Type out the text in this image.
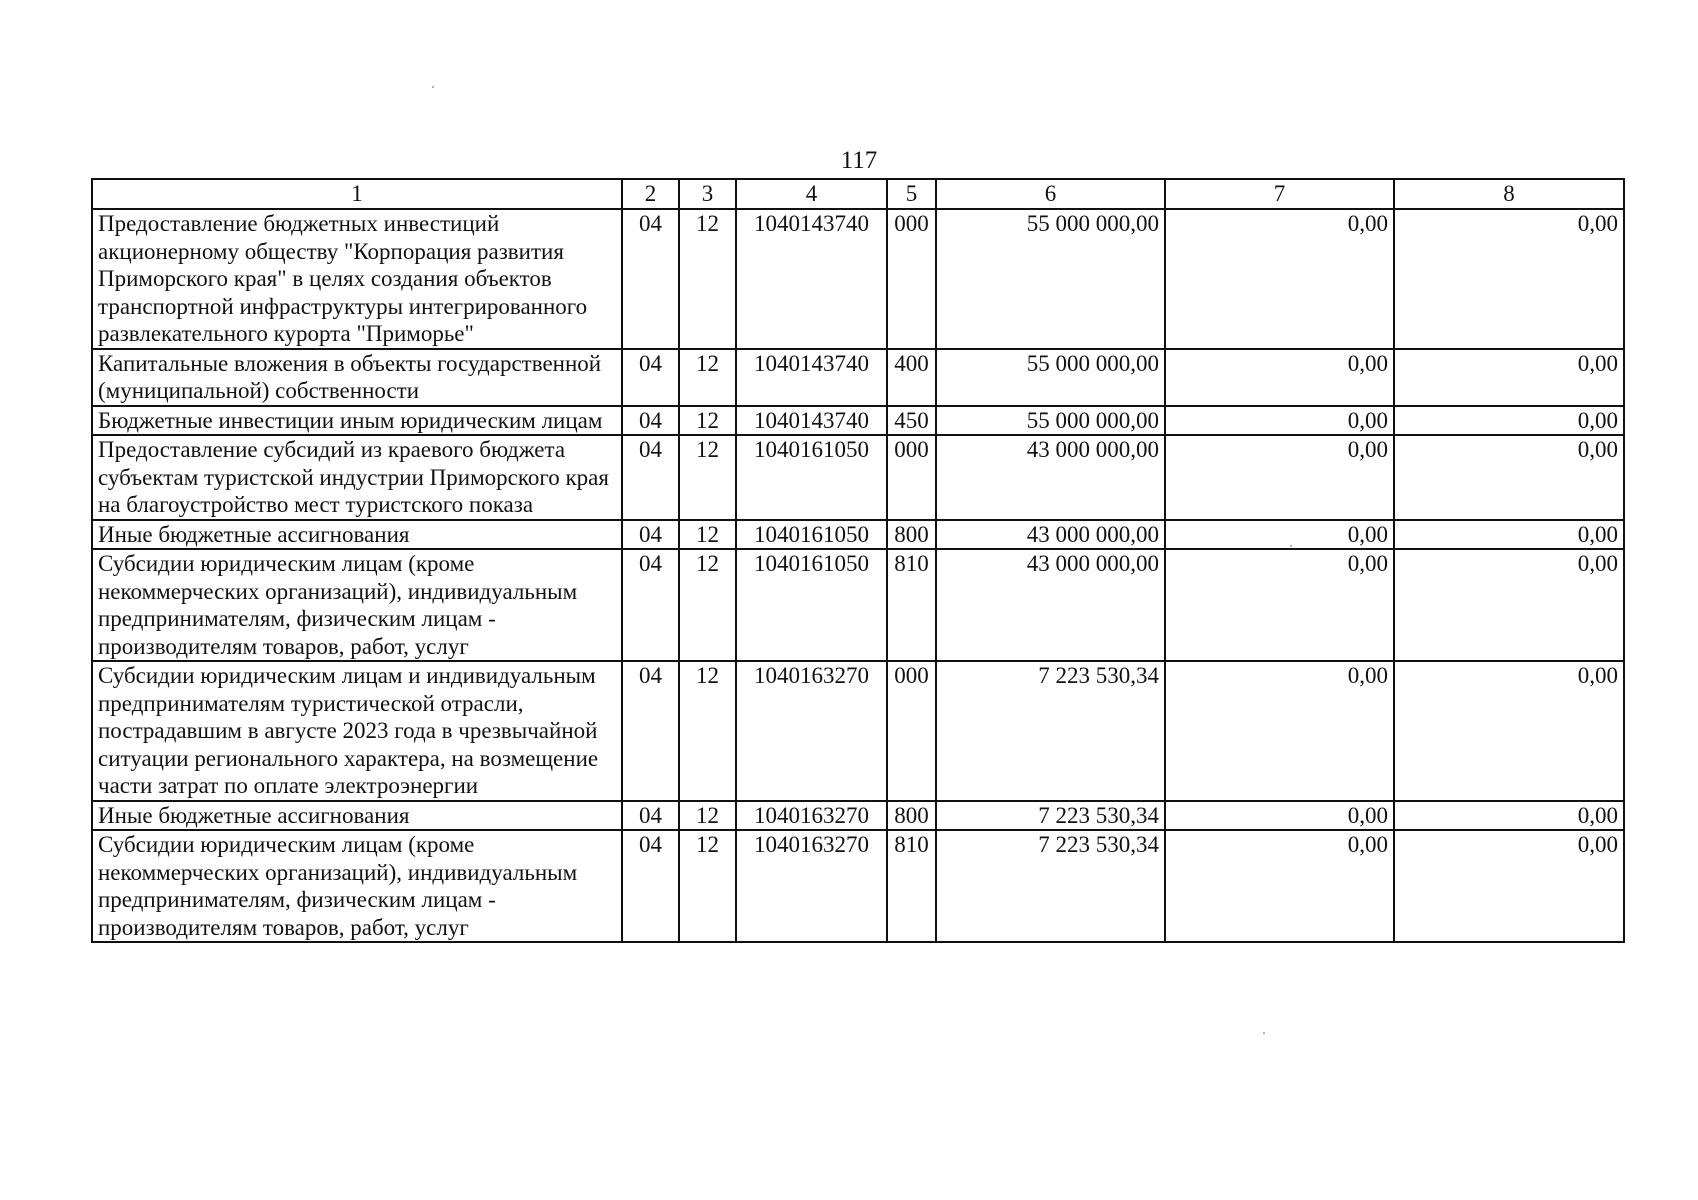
117
1	2	3	4	5	6	7	8
Предоставление бюджетных инвестиций акционерному обществу "Корпорация развития Приморского края" в целях создания объектов транспортной инфраструктуры интегрированного развлекательного курорта "Приморье"	04	12	1040143740	000	55 000 000,00	0,00	0,00
Капитальные вложения в объекты государственной (муниципальной) собственности	04	12	1040143740	400	55 000 000,00	0,00	0,00
Бюджетные инвестиции иным юридическим лицам	04	12	1040143740	450	55 000 000,00	0,00	0,00
Предоставление субсидий из краевого бюджета субъектам туристской индустрии Приморского края на благоустройство мест туристского показа	04	12	1040161050	000	43 000 000,00	0,00	0,00
Иные бюджетные ассигнования	04	12	1040161050	800	43 000 000,00	0,00	0,00
Субсидии юридическим лицам (кроме некоммерческих организаций), индивидуальным предпринимателям, физическим лицам - производителям товаров, работ, услуг	04	12	1040161050	810	43 000 000,00	0,00	0,00
Субсидии юридическим лицам и индивидуальным предпринимателям туристической отрасли, пострадавшим в августе 2023 года в чрезвычайной ситуации регионального характера, на возмещение части затрат по оплате электроэнергии	04	12	1040163270	000	7 223 530,34	0,00	0,00
Иные бюджетные ассигнования	04	12	1040163270	800	7 223 530,34	0,00	0,00
Субсидии юридическим лицам (кроме некоммерческих организаций), индивидуальным предпринимателям, физическим лицам - производителям товаров, работ, услуг	04	12	1040163270	810	7 223 530,34	0,00	0,00
